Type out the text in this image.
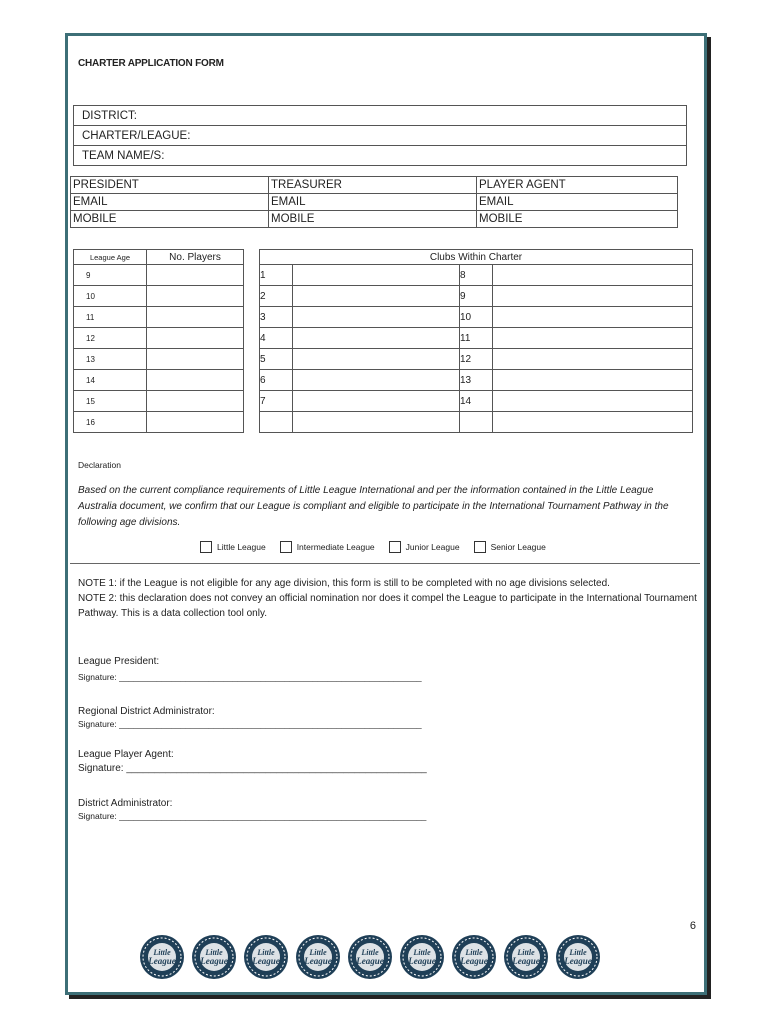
CHARTER APPLICATION FORM
DISTRICT:
CHARTER/LEAGUE:
TEAM NAME/S:
PRESIDENT	TREASURER	PLAYER AGENT
EMAIL	EMAIL	EMAIL
MOBILE	MOBILE	MOBILE
League Age	No. Players
9	
10	
11	
12	
13	
14	
15	
16	
Clubs Within Charter			
1		8	
2		9	
3		10	
4		11	
5		12	
6		13	
7		14	

Declaration
Based on the current compliance requirements of Little League International and per the information contained in the Little League Australia document, we confirm that our League is compliant and eligible to participate in the International Tournament Pathway in the following age divisions.
Little League	Intermediate League	Junior League	Senior League
NOTE 1: if the League is not eligible for any age division, this form is still to be completed with no age divisions selected.
NOTE 2: this declaration does not convey an official nomination nor does it compel the League to participate in the International Tournament Pathway. This is a data collection tool only.
League President:
Signature: ________________________________________________________________
Regional District Administrator:
Signature: ________________________________________________________________
League Player Agent:
Signature: ______________________________________________________
District Administrator:
Signature: _________________________________________________________________
6
Little
League
Little
League
Little
League
Little
League
Little
League
Little
League
Little
League
Little
League
Little
League
